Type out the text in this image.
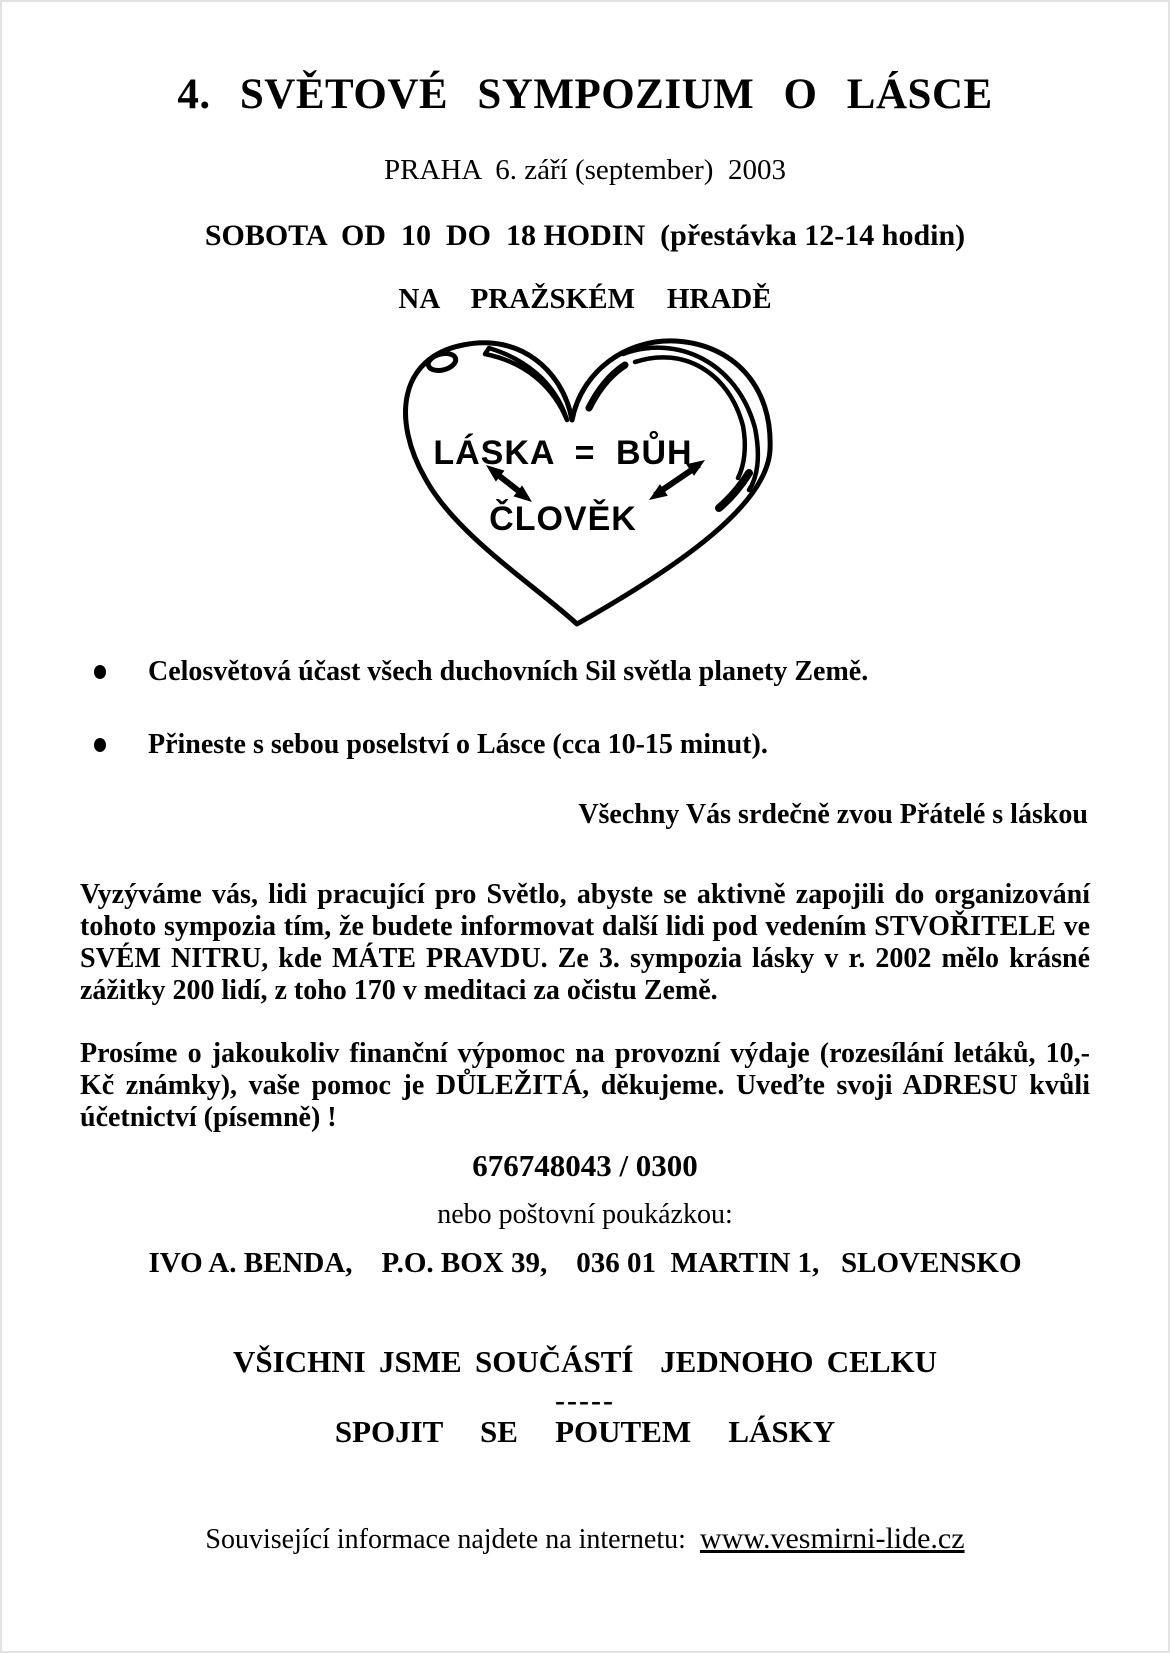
4. SVĚTOVÉ SYMPOZIUM O LÁSCE
PRAHA  6. září (september)  2003
SOBOTA  OD  10  DO  18 HODIN  (přestávka 12-14 hodin)
NA  PRAŽSKÉM  HRADĚ
LÁSKA = BŮH
ČLOVĚK
Celosvětová účast všech duchovních Sil světla planety Země.
Přineste s sebou poselství o Lásce (cca 10-15 minut).
Všechny Vás srdečně zvou Přátelé s láskou

Vyzýváme vás, lidi pracující pro Světlo, abyste se aktivně zapojili do organizování tohoto sympozia tím, že budete informovat další lidi pod vedením STVOŘITELE ve SVÉM NITRU, kde MÁTE PRAVDU. Ze 3. sympozia lásky v r. 2002 mělo krásné zážitky 200 lidí, z toho 170 v meditaci za očistu Země.

Prosíme o jakoukoliv finanční výpomoc na provozní výdaje (rozesílání letáků, 10,- Kč známky), vaše pomoc je DŮLEŽITÁ, děkujeme. Uveďte svoji ADRESU kvůli účetnictví (písemně) !

676748043 / 0300
nebo poštovní poukázkou:
IVO A. BENDA,    P.O. BOX 39,    036 01  MARTIN 1,   SLOVENSKO
VŠICHNI JSME SOUČÁSTÍ  JEDNOHO CELKU
-----
SPOJIT  SE  POUTEM  LÁSKY
Související informace najdete na internetu: www.vesmirni-lide.cz
